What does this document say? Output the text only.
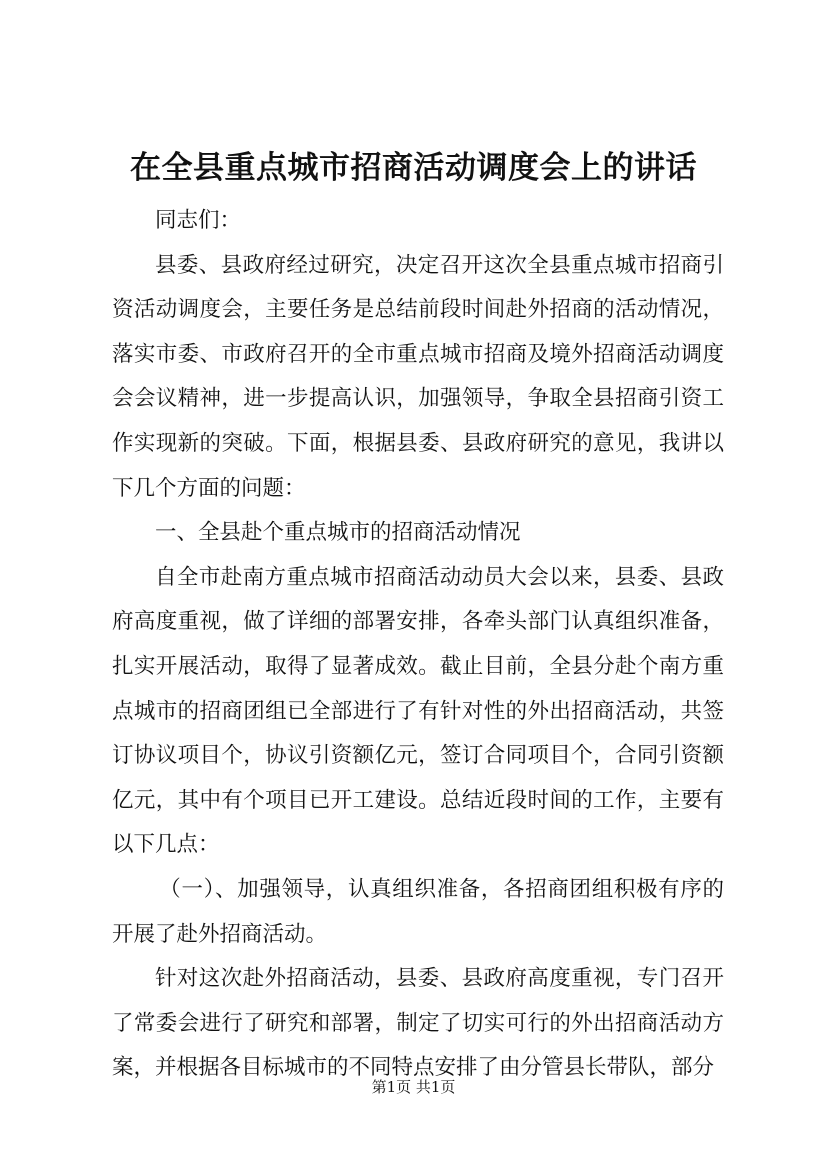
在全县重点城市招商活动调度会上的讲话

同志们：

县委、县政府经过研究，决定召开这次全县重点城市招商引资活动调度会，主要任务是总结前段时间赴外招商的活动情况，落实市委、市政府召开的全市重点城市招商及境外招商活动调度会会议精神，进一步提高认识，加强领导，争取全县招商引资工作实现新的突破。下面，根据县委、县政府研究的意见，我讲以下几个方面的问题：

一、全县赴个重点城市的招商活动情况

自全市赴南方重点城市招商活动动员大会以来，县委、县政府高度重视，做了详细的部署安排，各牵头部门认真组织准备，扎实开展活动，取得了显著成效。截止目前，全县分赴个南方重点城市的招商团组已全部进行了有针对性的外出招商活动，共签订协议项目个，协议引资额亿元，签订合同项目个，合同引资额亿元，其中有个项目已开工建设。总结近段时间的工作，主要有以下几点：

（一）、加强领导，认真组织准备，各招商团组积极有序的开展了赴外招商活动。

针对这次赴外招商活动，县委、县政府高度重视，专门召开了常委会进行了研究和部署，制定了切实可行的外出招商活动方案，并根据各目标城市的不同特点安排了由分管县长带队，部分

第1页 共1页
